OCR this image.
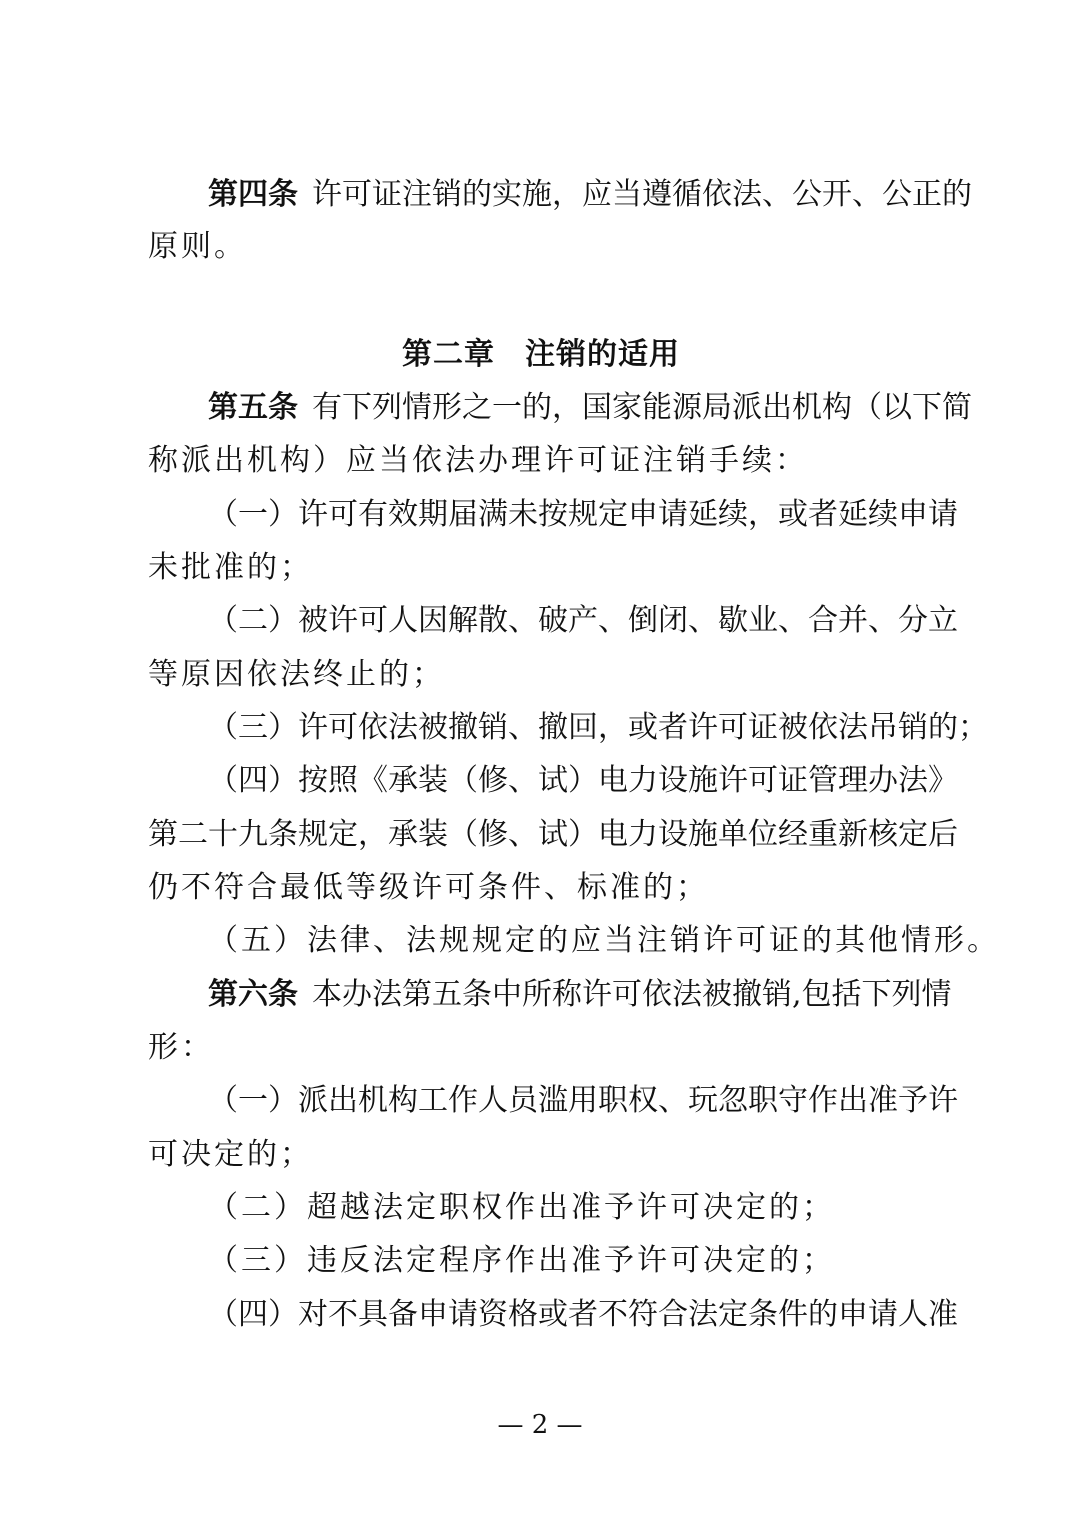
第四条 许可证注销的实施，应当遵循依法、公开、公正的
原则。
第二章 注销的适用
第五条 有下列情形之一的，国家能源局派出机构（以下简
称派出机构）应当依法办理许可证注销手续：
（一）许可有效期届满未按规定申请延续，或者延续申请
未批准的；
（二）被许可人因解散、破产、倒闭、歇业、合并、分立
等原因依法终止的；
（三）许可依法被撤销、撤回，或者许可证被依法吊销的；
（四）按照《承装（修、试）电力设施许可证管理办法》
第二十九条规定，承装（修、试）电力设施单位经重新核定后
仍不符合最低等级许可条件、标准的；
（五）法律、法规规定的应当注销许可证的其他情形。
第六条 本办法第五条中所称许可依法被撤销,包括下列情
形：
（一）派出机构工作人员滥用职权、玩忽职守作出准予许
可决定的；
（二）超越法定职权作出准予许可决定的；
（三）违反法定程序作出准予许可决定的；
（四）对不具备申请资格或者不符合法定条件的申请人准
— 2 —
